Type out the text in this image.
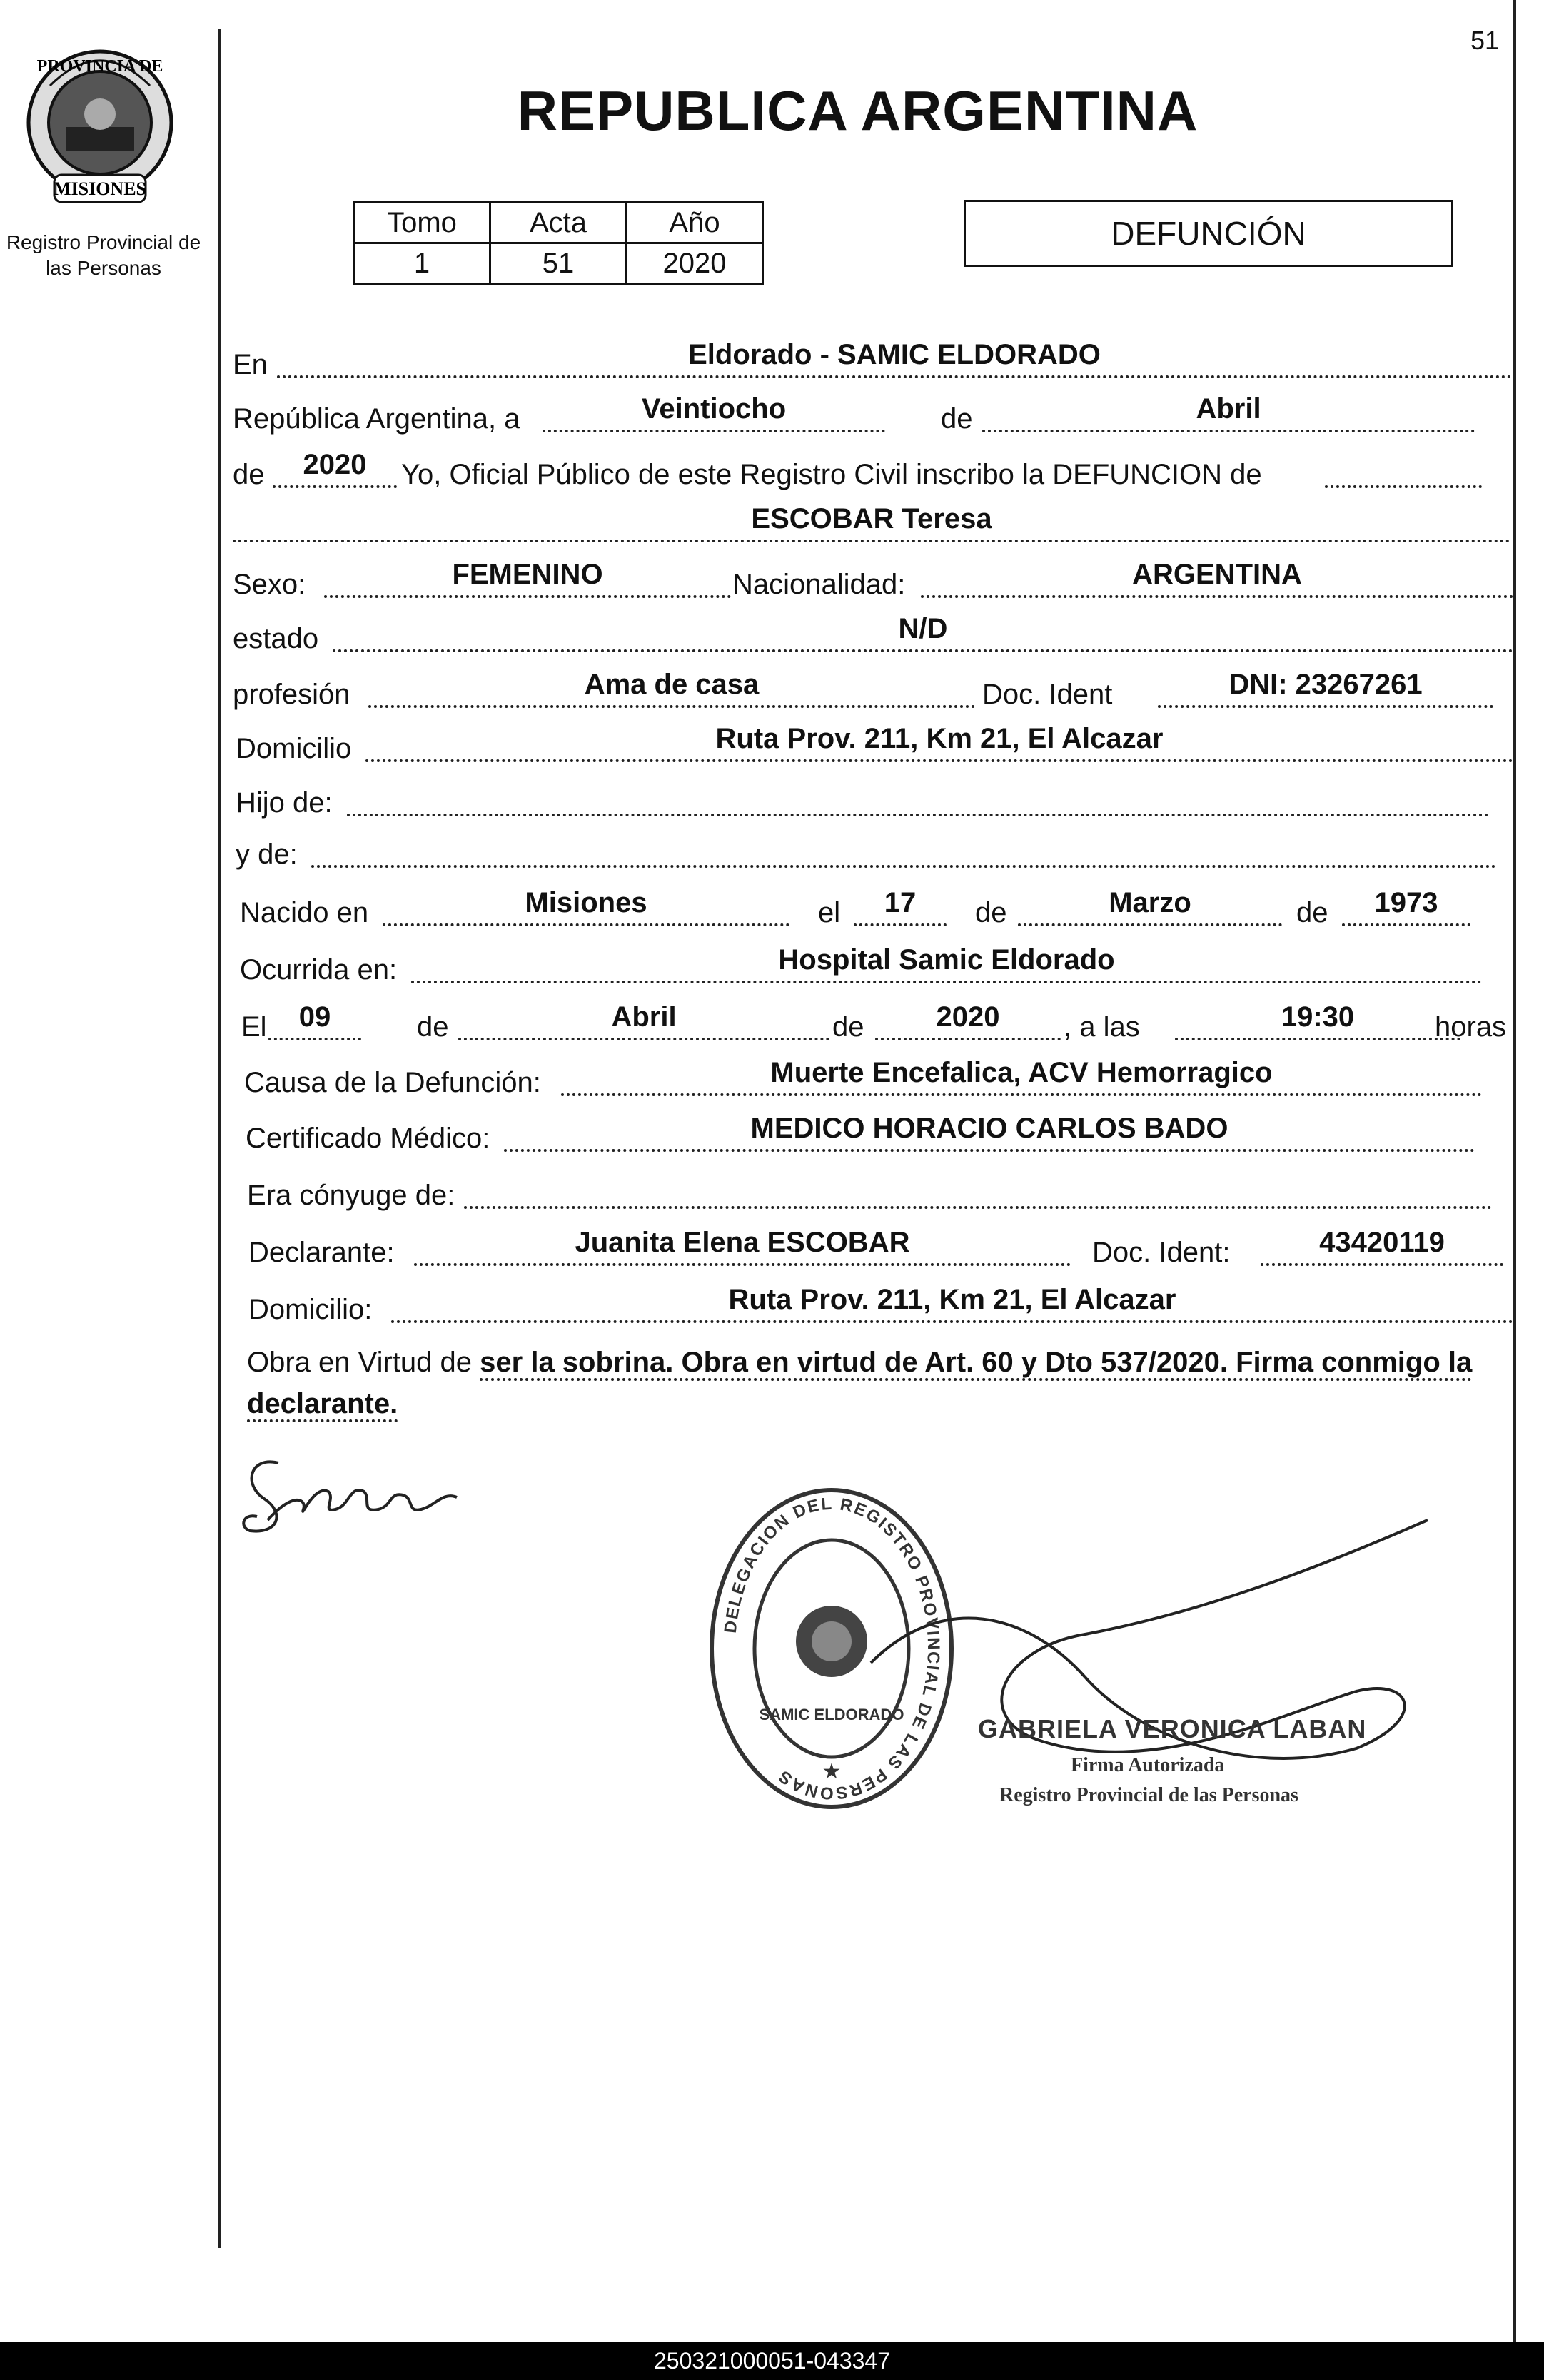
51
PROVINCIA DE
MISIONES
Registro Provincial de
las Personas
REPUBLICA ARGENTINA
Tomo	Acta	Año
1	51	2020
DEFUNCIÓN
En	Eldorado - SAMIC ELDORADO
República Argentina, a	Veintiocho	de	Abril
de	2020	Yo, Oficial Público de este Registro Civil inscribo la DEFUNCION de
ESCOBAR Teresa
Sexo:	FEMENINO	Nacionalidad:	ARGENTINA
estado	N/D
profesión	Ama de casa	Doc. Ident	DNI: 23267261
Domicilio	Ruta Prov. 211, Km 21, El Alcazar
Hijo de:
y de:
Nacido en	Misiones	el	17	de	Marzo	de	1973
Ocurrida en:	Hospital Samic Eldorado
El	09	de	Abril	de	2020	, a las	19:30	horas
Causa de la Defunción:	Muerte Encefalica, ACV Hemorragico
Certificado Médico:	MEDICO HORACIO CARLOS BADO
Era cónyuge de:
Declarante:	Juanita Elena ESCOBAR	Doc. Ident:	43420119
Domicilio:	Ruta Prov. 211, Km 21, El Alcazar
Obra en Virtud de ser la sobrina. Obra en virtud de Art. 60 y Dto 537/2020. Firma conmigo la declarante.
DELEGACION DEL REGISTRO PROVINCIAL DE LAS PERSONAS
SAMIC ELDORADO
★
GABRIELA VERONICA LABAN
Firma Autorizada
Registro Provincial de las Personas
250321000051-043347
